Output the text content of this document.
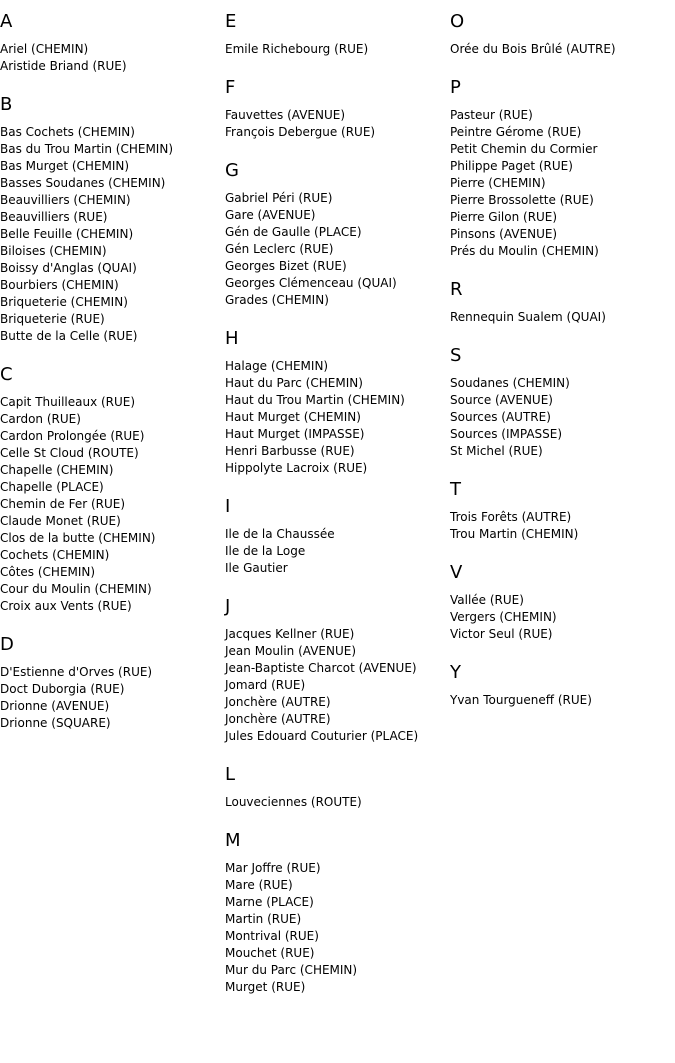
A
Ariel (CHEMIN)
Aristide Briand (RUE)
B
Bas Cochets (CHEMIN)
Bas du Trou Martin (CHEMIN)
Bas Murget (CHEMIN)
Basses Soudanes (CHEMIN)
Beauvilliers (CHEMIN)
Beauvilliers (RUE)
Belle Feuille (CHEMIN)
Biloises (CHEMIN)
Boissy d'Anglas (QUAI)
Bourbiers (CHEMIN)
Briqueterie (CHEMIN)
Briqueterie (RUE)
Butte de la Celle (RUE)
C
Capit Thuilleaux (RUE)
Cardon (RUE)
Cardon Prolongée (RUE)
Celle St Cloud (ROUTE)
Chapelle (CHEMIN)
Chapelle (PLACE)
Chemin de Fer (RUE)
Claude Monet (RUE)
Clos de la butte (CHEMIN)
Cochets (CHEMIN)
Côtes (CHEMIN)
Cour du Moulin (CHEMIN)
Croix aux Vents (RUE)
D
D'Estienne d'Orves (RUE)
Doct Duborgia (RUE)
Drionne (AVENUE)
Drionne (SQUARE)
E
Emile Richebourg (RUE)
F
Fauvettes (AVENUE)
François Debergue (RUE)
G
Gabriel Péri (RUE)
Gare (AVENUE)
Gén de Gaulle (PLACE)
Gén Leclerc (RUE)
Georges Bizet (RUE)
Georges Clémenceau (QUAI)
Grades (CHEMIN)
H
Halage (CHEMIN)
Haut du Parc (CHEMIN)
Haut du Trou Martin (CHEMIN)
Haut Murget (CHEMIN)
Haut Murget (IMPASSE)
Henri Barbusse (RUE)
Hippolyte Lacroix (RUE)
I
Ile de la Chaussée
Ile de la Loge
Ile Gautier
J
Jacques Kellner (RUE)
Jean Moulin (AVENUE)
Jean-Baptiste Charcot (AVENUE)
Jomard (RUE)
Jonchère (AUTRE)
Jonchère (AUTRE)
Jules Edouard Couturier (PLACE)
L
Louveciennes (ROUTE)
M
Mar Joffre (RUE)
Mare (RUE)
Marne (PLACE)
Martin (RUE)
Montrival (RUE)
Mouchet (RUE)
Mur du Parc (CHEMIN)
Murget (RUE)
O
Orée du Bois Brûlé (AUTRE)
P
Pasteur (RUE)
Peintre Gérome (RUE)
Petit Chemin du Cormier
Philippe Paget (RUE)
Pierre (CHEMIN)
Pierre Brossolette (RUE)
Pierre Gilon (RUE)
Pinsons (AVENUE)
Prés du Moulin (CHEMIN)
R
Rennequin Sualem (QUAI)
S
Soudanes (CHEMIN)
Source (AVENUE)
Sources (AUTRE)
Sources (IMPASSE)
St Michel (RUE)
T
Trois Forêts (AUTRE)
Trou Martin (CHEMIN)
V
Vallée (RUE)
Vergers (CHEMIN)
Victor Seul (RUE)
Y
Yvan Tourgueneff (RUE)
